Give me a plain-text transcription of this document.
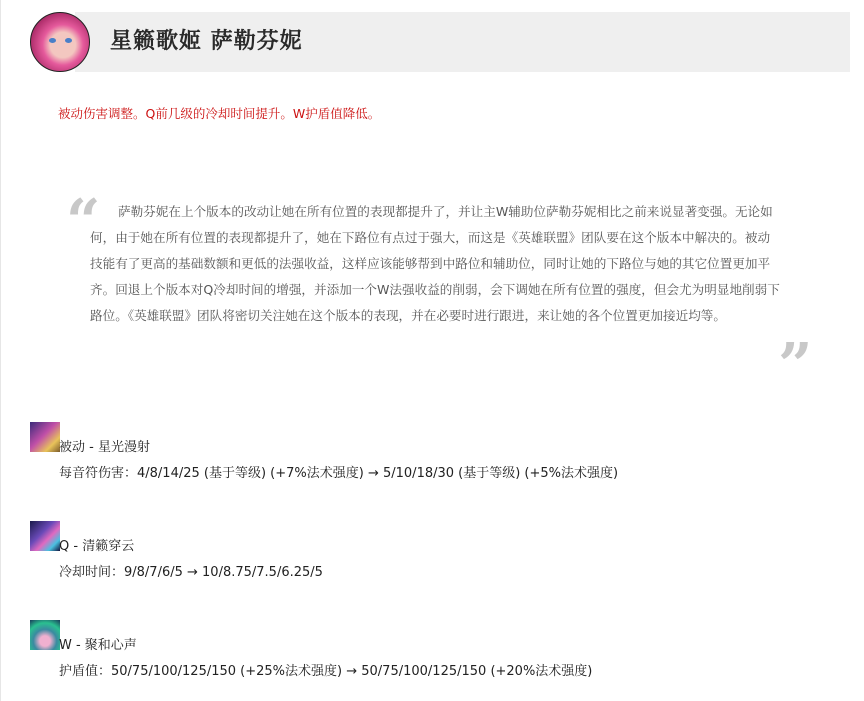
星籁歌姬 萨勒芬妮
被动伤害调整。Q前几级的冷却时间提升。W护盾值降低。
“	萨勒芬妮在上个版本的改动让她在所有位置的表现都提升了，并让主W辅助位萨勒芬妮相比之前来说显著变强。无论如何，由于她在所有位置的表现都提升了，她在下路位有点过于强大，而这是《英雄联盟》团队要在这个版本中解决的。被动技能有了更高的基础数额和更低的法强收益，这样应该能够帮到中路位和辅助位，同时让她的下路位与她的其它位置更加平齐。回退上个版本对Q冷却时间的增强，并添加一个W法强收益的削弱，会下调她在所有位置的强度，但会尤为明显地削弱下路位。《英雄联盟》团队将密切关注她在这个版本的表现，并在必要时进行跟进，来让她的各个位置更加接近均等。
”
被动 - 星光漫射
每音符伤害：4/8/14/25 (基于等级) (+7%法术强度) → 5/10/18/30 (基于等级) (+5%法术强度)
Q - 清籁穿云
冷却时间：9/8/7/6/5 → 10/8.75/7.5/6.25/5
W - 聚和心声
护盾值：50/75/100/125/150 (+25%法术强度) → 50/75/100/125/150 (+20%法术强度)
